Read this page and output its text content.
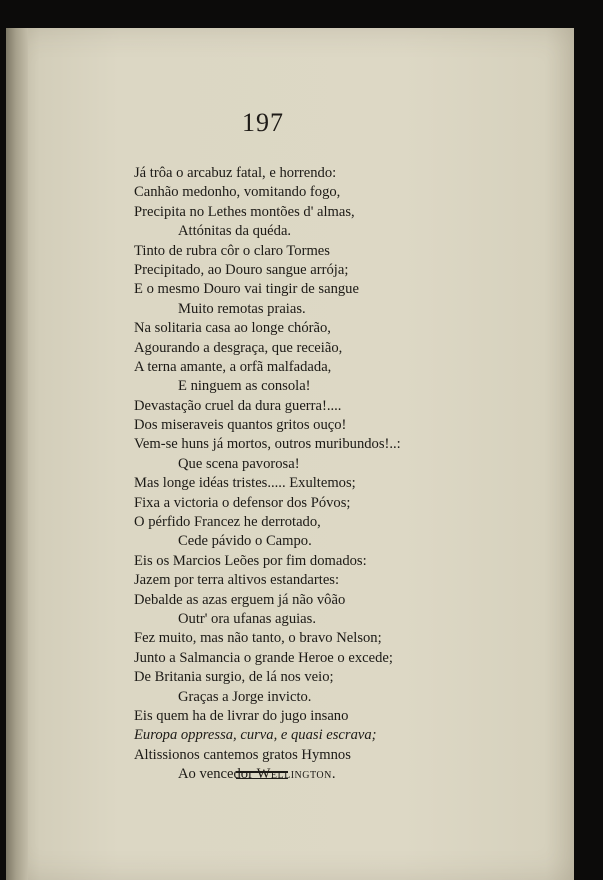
197
Já trôa o arcabuz fatal, e horrendo:
Canhão medonho, vomitando fogo,
Precipita no Lethes montões d' almas,
Attónitas da quéda.
Tinto de rubra côr o claro Tormes
Precipitado, ao Douro sangue arrója;
E o mesmo Douro vai tingir de sangue
Muito remotas praias.
Na solitaria casa ao longe chórão,
Agourando a desgraça, que receião,
A terna amante, a orfã malfadada,
E ninguem as consola!
Devastação cruel da dura guerra!....
Dos miseraveis quantos gritos ouço!
Vem-se huns já mortos, outros muribundos!..:
Que scena pavorosa!
Mas longe idéas tristes..... Exultemos;
Fixa a victoria o defensor dos Póvos;
O pérfido Francez he derrotado,
Cede pávido o Campo.
Eis os Marcios Leões por fim domados:
Jazem por terra altivos estandartes:
Debalde as azas erguem já não vôão
Outr' ora ufanas aguias.
Fez muito, mas não tanto, o bravo Nelson;
Junto a Salmancia o grande Heroe o excede;
De Britania surgio, de lá nos veio;
Graças a Jorge invicto.
Eis quem ha de livrar do jugo insano
Europa oppressa, curva, e quasi escrava;
Altissionos cantemos gratos Hymnos
Ao vencedor Wellington.
